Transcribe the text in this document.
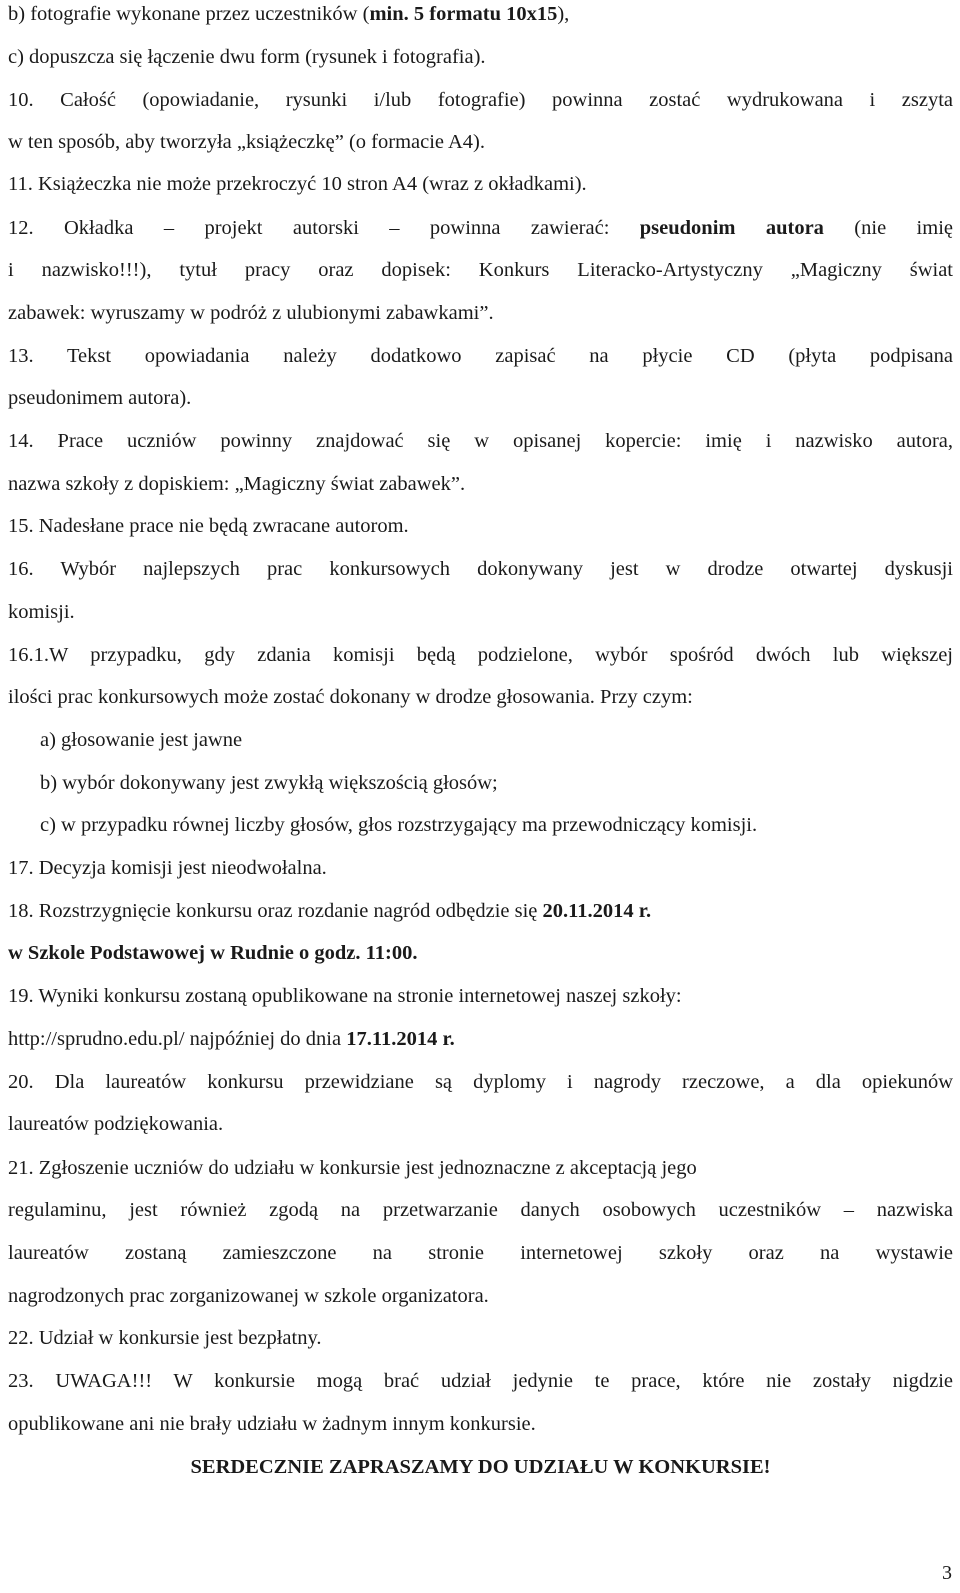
b) fotografie wykonane przez uczestników (min. 5 formatu 10x15),
c) dopuszcza się łączenie dwu form (rysunek i fotografia).
10. Całość (opowiadanie, rysunki i/lub fotografie) powinna zostać wydrukowana i zszyta
w ten sposób, aby tworzyła „książeczkę” (o formacie A4).
11. Książeczka nie może przekroczyć 10 stron A4 (wraz z okładkami).
12. Okładka – projekt autorski – powinna zawierać: pseudonim autora (nie imię
i nazwisko!!!), tytuł pracy oraz dopisek: Konkurs Literacko-Artystyczny „Magiczny świat
zabawek: wyruszamy w podróż z ulubionymi zabawkami”.
13. Tekst opowiadania należy dodatkowo zapisać na płycie CD (płyta podpisana
pseudonimem autora).
14. Prace uczniów powinny znajdować się w opisanej kopercie: imię i nazwisko autora,
nazwa szkoły z dopiskiem: „Magiczny świat zabawek”.
15. Nadesłane prace nie będą zwracane autorom.
16. Wybór najlepszych prac konkursowych dokonywany jest w drodze otwartej dyskusji
komisji.
16.1.W przypadku, gdy zdania komisji będą podzielone, wybór spośród dwóch lub większej
ilości prac konkursowych może zostać dokonany w drodze głosowania. Przy czym:
a) głosowanie jest jawne
b) wybór dokonywany jest zwykłą większością głosów;
c) w przypadku równej liczby głosów, głos rozstrzygający ma przewodniczący komisji.
17. Decyzja komisji jest nieodwołalna.
18. Rozstrzygnięcie konkursu oraz rozdanie nagród odbędzie się 20.11.2014 r.
w Szkole Podstawowej w Rudnie o godz. 11:00.
19. Wyniki konkursu zostaną opublikowane na stronie internetowej naszej szkoły:
http://sprudno.edu.pl/ najpóźniej do dnia 17.11.2014 r.
20. Dla laureatów konkursu przewidziane są dyplomy i nagrody rzeczowe, a dla opiekunów
laureatów podziękowania.
21. Zgłoszenie uczniów do udziału w konkursie jest jednoznaczne z akceptacją jego
regulaminu, jest również zgodą na przetwarzanie danych osobowych uczestników – nazwiska
laureatów zostaną zamieszczone na stronie internetowej szkoły oraz na wystawie
nagrodzonych prac zorganizowanej w szkole organizatora.
22. Udział w konkursie jest bezpłatny.
23. UWAGA!!! W konkursie mogą brać udział jedynie te prace, które nie zostały nigdzie
opublikowane ani nie brały udziału w żadnym innym konkursie.
SERDECZNIE ZAPRASZAMY DO UDZIAŁU W KONKURSIE!
3
